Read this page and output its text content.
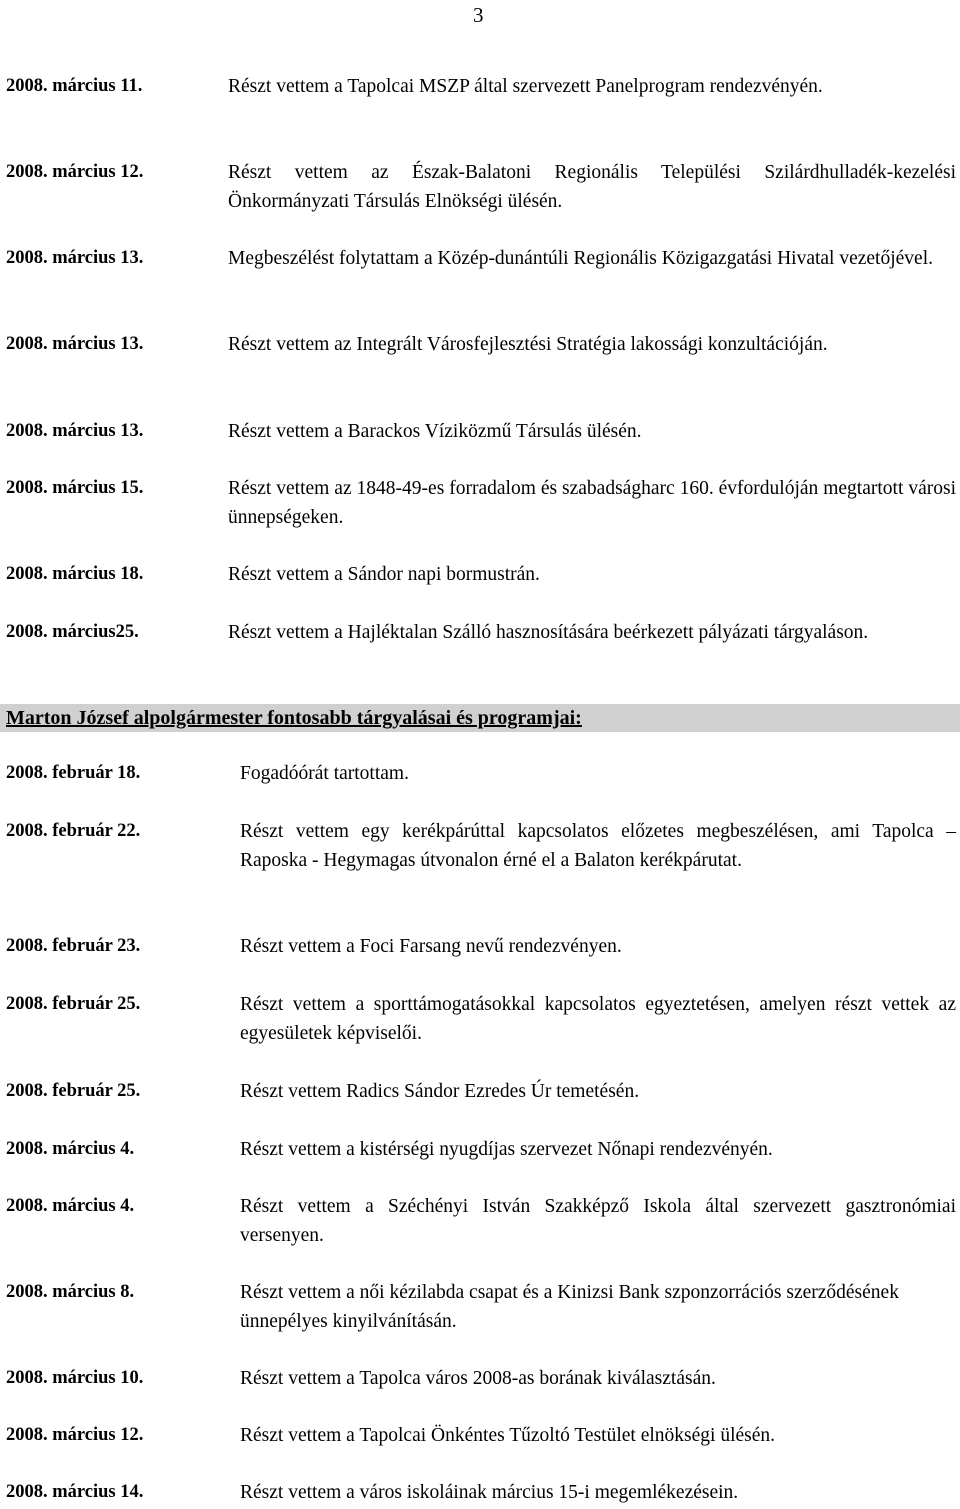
3
2008. március 11.	Részt vettem a Tapolcai MSZP által szervezett Panelprogram rendezvényén.
2008. március 12.	Részt vettem az Észak-Balatoni Regionális Települési Szilárdhulladék-kezelési Önkormányzati Társulás Elnökségi ülésén.
2008. március 13.	Megbeszélést folytattam a Közép-dunántúli Regionális Közigazgatási Hivatal vezetőjével.
2008. március 13.	Részt vettem az Integrált Városfejlesztési Stratégia lakossági konzultációján.
2008. március 13.	Részt vettem a Barackos Víziközmű Társulás ülésén.
2008. március 15.	Részt vettem az 1848-49-es forradalom és szabadságharc 160. évfordulóján megtartott városi ünnepségeken.
2008. március 18.	Részt vettem a Sándor napi bormustrán.
2008. március25.	Részt vettem a Hajléktalan Szálló hasznosítására beérkezett pályázati tárgyaláson.
Marton József alpolgármester fontosabb tárgyalásai és programjai:
2008. február 18.	Fogadóórát tartottam.
2008. február 22.	Részt vettem egy kerékpárúttal kapcsolatos előzetes megbeszélésen, ami Tapolca – Raposka - Hegymagas útvonalon érné el a Balaton kerékpárutat.
2008. február 23.	Részt vettem a Foci Farsang nevű rendezvényen.
2008. február 25.	Részt vettem a sporttámogatásokkal kapcsolatos egyeztetésen, amelyen részt vettek az egyesületek képviselői.
2008. február 25.	Részt vettem Radics Sándor Ezredes Úr temetésén.
2008. március 4.	Részt vettem a kistérségi nyugdíjas szervezet Nőnapi rendezvényén.
2008. március 4.	Részt vettem a Széchényi István Szakképző Iskola által szervezett gasztronómiai versenyen.
2008. március 8.	Részt vettem a női kézilabda csapat és a Kinizsi Bank szponzorrációs szerződésének ünnepélyes kinyilvánításán.
2008. március 10.	Részt vettem a Tapolca város 2008-as borának kiválasztásán.
2008. március 12.	Részt vettem a Tapolcai Önkéntes Tűzoltó Testület elnökségi ülésén.
2008. március 14.	Részt vettem a város iskoláinak március 15-i megemlékezésein.
